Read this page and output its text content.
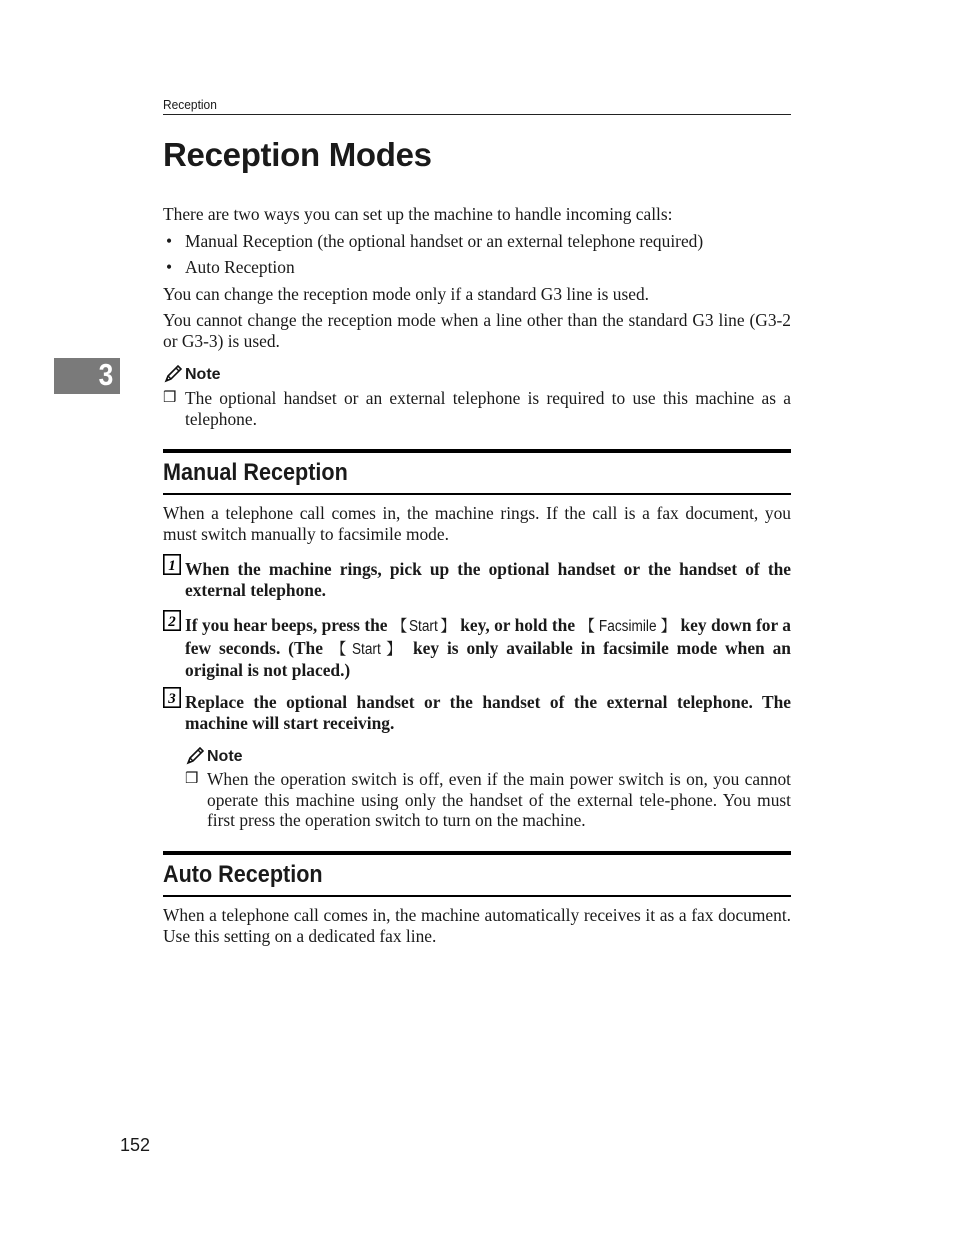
Reception
Reception Modes

There are two ways you can set up the machine to handle incoming calls:

• Manual Reception (the optional handset or an external telephone required)
• Auto Reception

You can change the reception mode only if a standard G3 line is used.

You cannot change the reception mode when a line other than the standard G3 line (G3-2 or G3-3) is used.

3	Note

❒ The optional handset or an external telephone is required to use this machine as a telephone.

Manual Reception

When a telephone call comes in, the machine rings. If the call is a fax document, you must switch manually to facsimile mode.

1 When the machine rings, pick up the optional handset or the handset of the external telephone.

2 If you hear beeps, press the 【 Start 】 key, or hold the 【 Facsimile 】 key down for a few seconds. (The 【 Start 】 key is only available in facsimile mode when an original is not placed.)

3 Replace the optional handset or the handset of the external telephone. The machine will start receiving.

Note

❒ When the operation switch is off, even if the main power switch is on, you cannot operate this machine using only the handset of the external tele-phone. You must first press the operation switch to turn on the machine.

Auto Reception

When a telephone call comes in, the machine automatically receives it as a fax document. Use this setting on a dedicated fax line.

152
